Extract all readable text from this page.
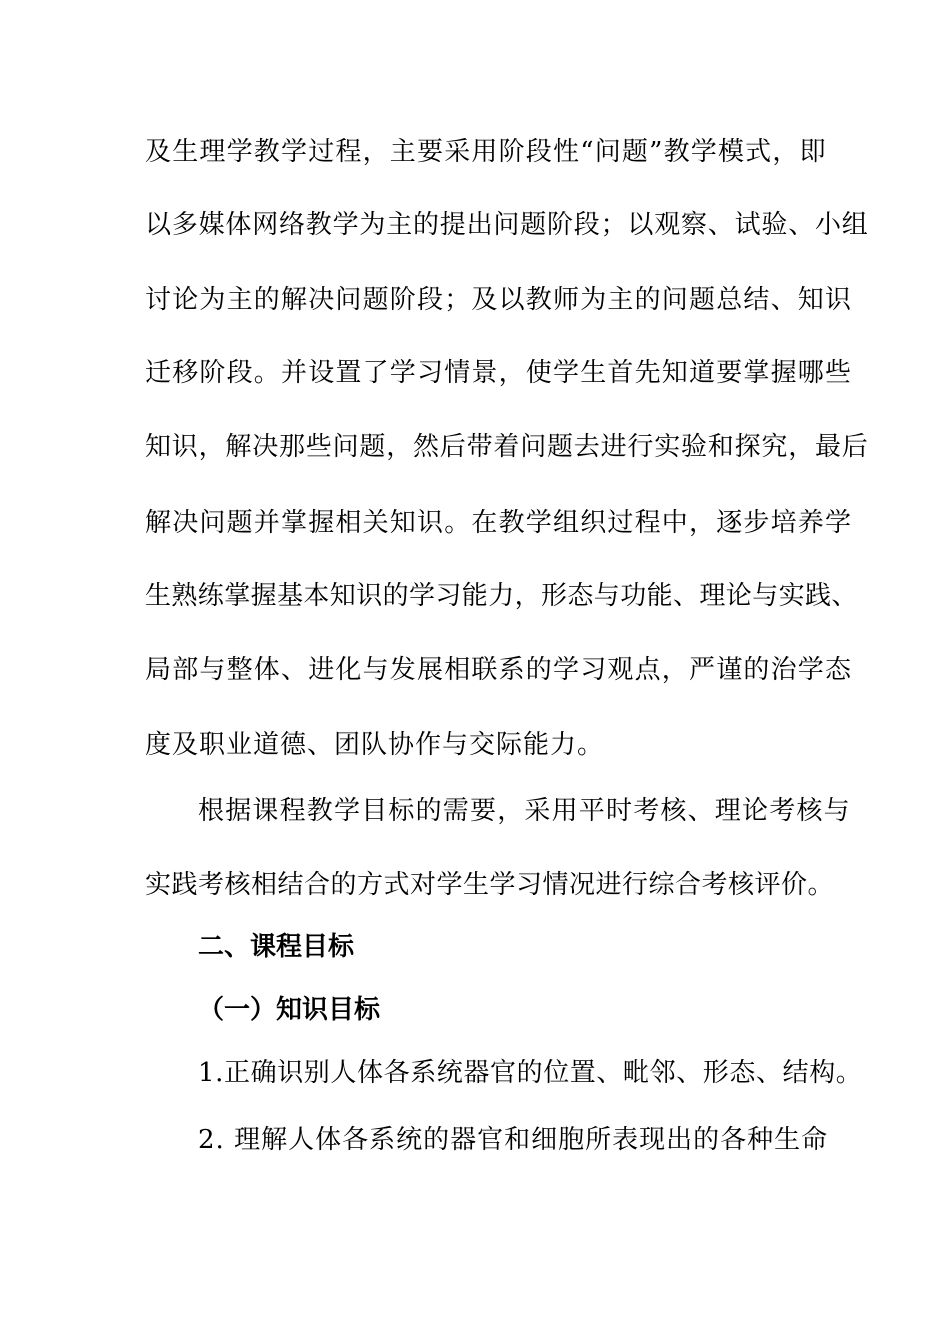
及生理学教学过程，主要采用阶段性“问题”教学模式，即
以多媒体网络教学为主的提出问题阶段；以观察、试验、小组
讨论为主的解决问题阶段；及以教师为主的问题总结、知识
迁移阶段。并设置了学习情景，使学生首先知道要掌握哪些
知识，解决那些问题，然后带着问题去进行实验和探究，最后
解决问题并掌握相关知识。在教学组织过程中，逐步培养学
生熟练掌握基本知识的学习能力，形态与功能、理论与实践、
局部与整体、进化与发展相联系的学习观点，严谨的治学态
度及职业道德、团队协作与交际能力。
根据课程教学目标的需要，采用平时考核、理论考核与
实践考核相结合的方式对学生学习情况进行综合考核评价。
二、课程目标
（一）知识目标
1.正确识别人体各系统器官的位置、毗邻、形态、结构。
2. 理解人体各系统的器官和细胞所表现出的各种生命
